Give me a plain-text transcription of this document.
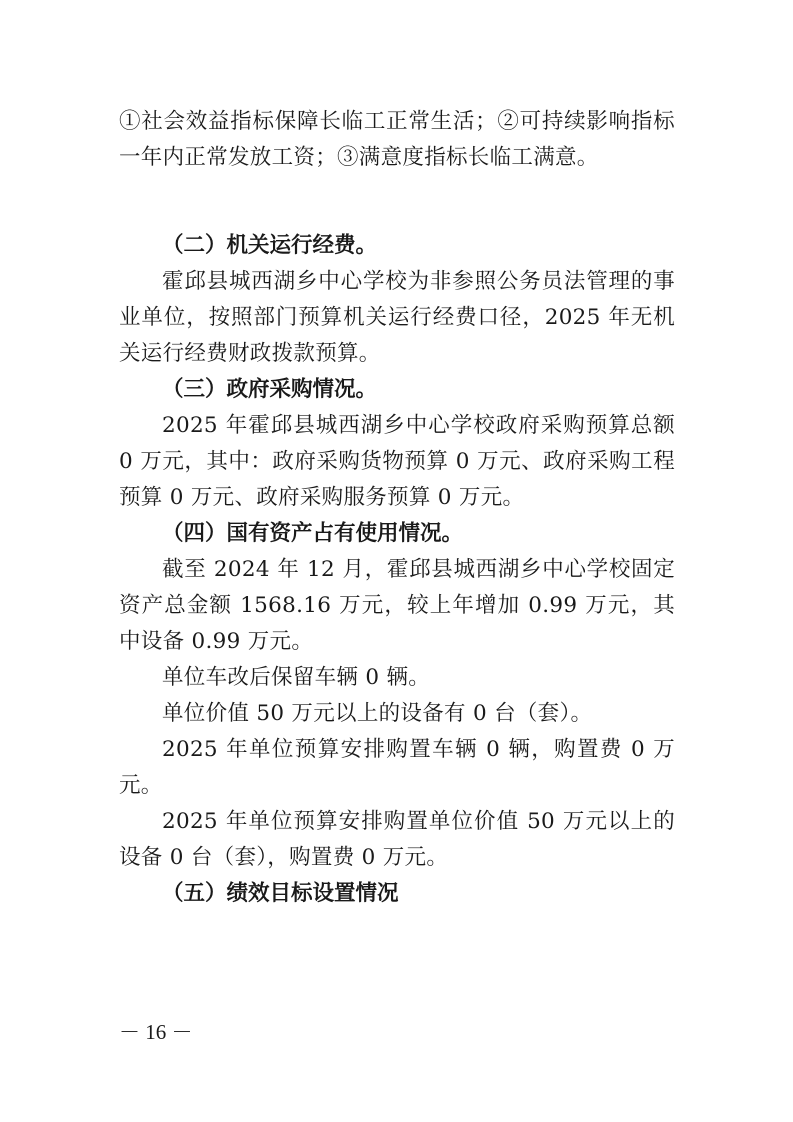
①社会效益指标保障长临工正常生活；②可持续影响指标一年内正常发放工资；③满意度指标长临工满意。

（二）机关运行经费。

霍邱县城西湖乡中心学校为非参照公务员法管理的事业单位，按照部门预算机关运行经费口径，2025 年无机关运行经费财政拨款预算。

（三）政府采购情况。

2025 年霍邱县城西湖乡中心学校政府采购预算总额 0 万元，其中：政府采购货物预算 0 万元、政府采购工程预算 0 万元、政府采购服务预算 0 万元。

（四）国有资产占有使用情况。

截至 2024 年 12 月，霍邱县城西湖乡中心学校固定资产总金额 1568.16 万元，较上年增加 0.99 万元，其中设备 0.99 万元。

单位车改后保留车辆 0 辆。

单位价值 50 万元以上的设备有 0 台（套）。

2025 年单位预算安排购置车辆 0 辆，购置费 0 万元。

2025 年单位预算安排购置单位价值 50 万元以上的设备 0 台（套），购置费 0 万元。

（五）绩效目标设置情况

－ 16 －
